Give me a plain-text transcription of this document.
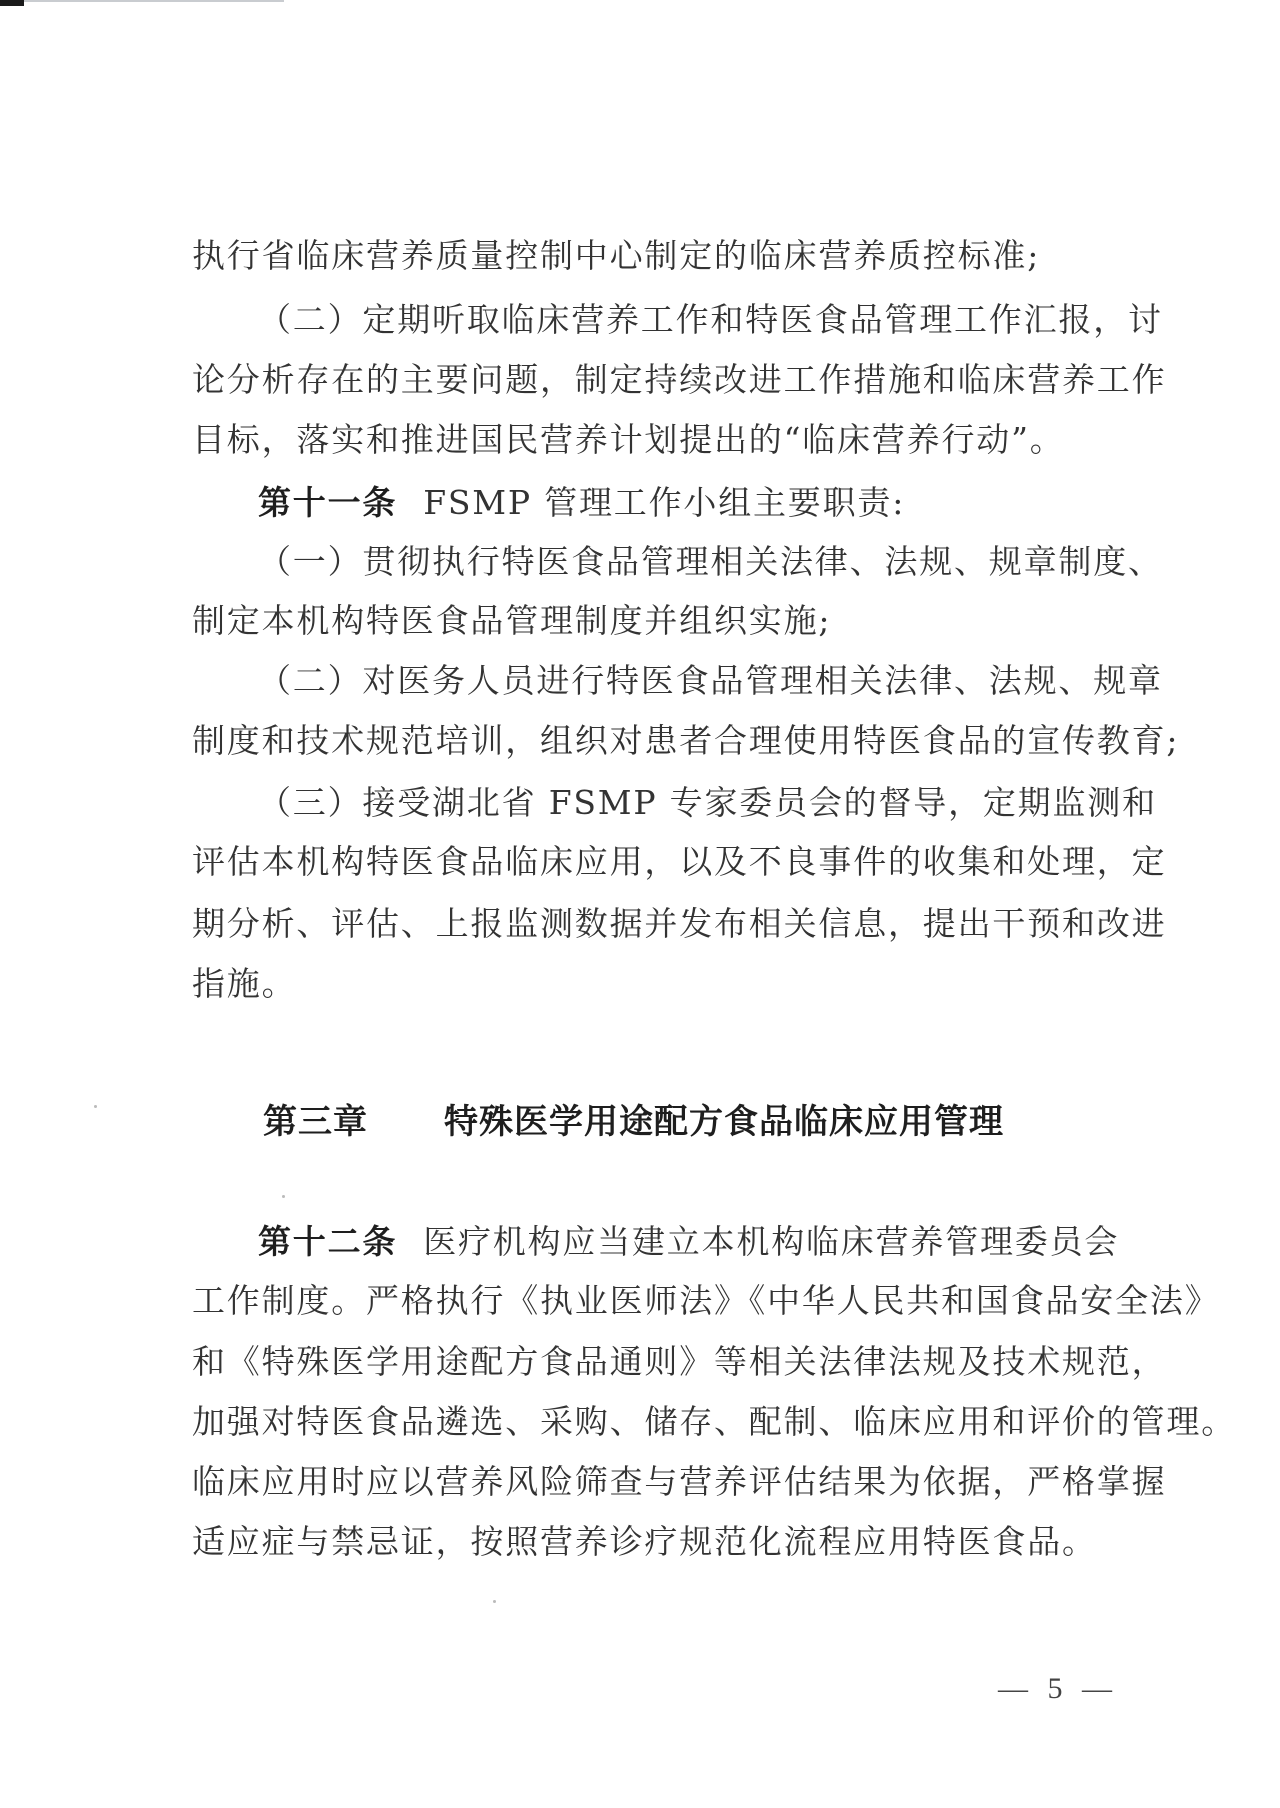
执行省临床营养质量控制中心制定的临床营养质控标准;
（二）定期听取临床营养工作和特医食品管理工作汇报，讨
论分析存在的主要问题，制定持续改进工作措施和临床营养工作
目标，落实和推进国民营养计划提出的“临床营养行动”。
第十一条 FSMP 管理工作小组主要职责:
（一）贯彻执行特医食品管理相关法律、法规、规章制度、
制定本机构特医食品管理制度并组织实施;
（二）对医务人员进行特医食品管理相关法律、法规、规章
制度和技术规范培训，组织对患者合理使用特医食品的宣传教育;
（三）接受湖北省 FSMP 专家委员会的督导，定期监测和
评估本机构特医食品临床应用，以及不良事件的收集和处理，定
期分析、评估、上报监测数据并发布相关信息，提出干预和改进
指施。
第三章 特殊医学用途配方食品临床应用管理
第十二条 医疗机构应当建立本机构临床营养管理委员会
工作制度。严格执行《执业医师法》《中华人民共和国食品安全法》
和《特殊医学用途配方食品通则》等相关法律法规及技术规范，
加强对特医食品遴选、采购、储存、配制、临床应用和评价的管理。
临床应用时应以营养风险筛查与营养评估结果为依据，严格掌握
适应症与禁忌证，按照营养诊疗规范化流程应用特医食品。
— 5 —
